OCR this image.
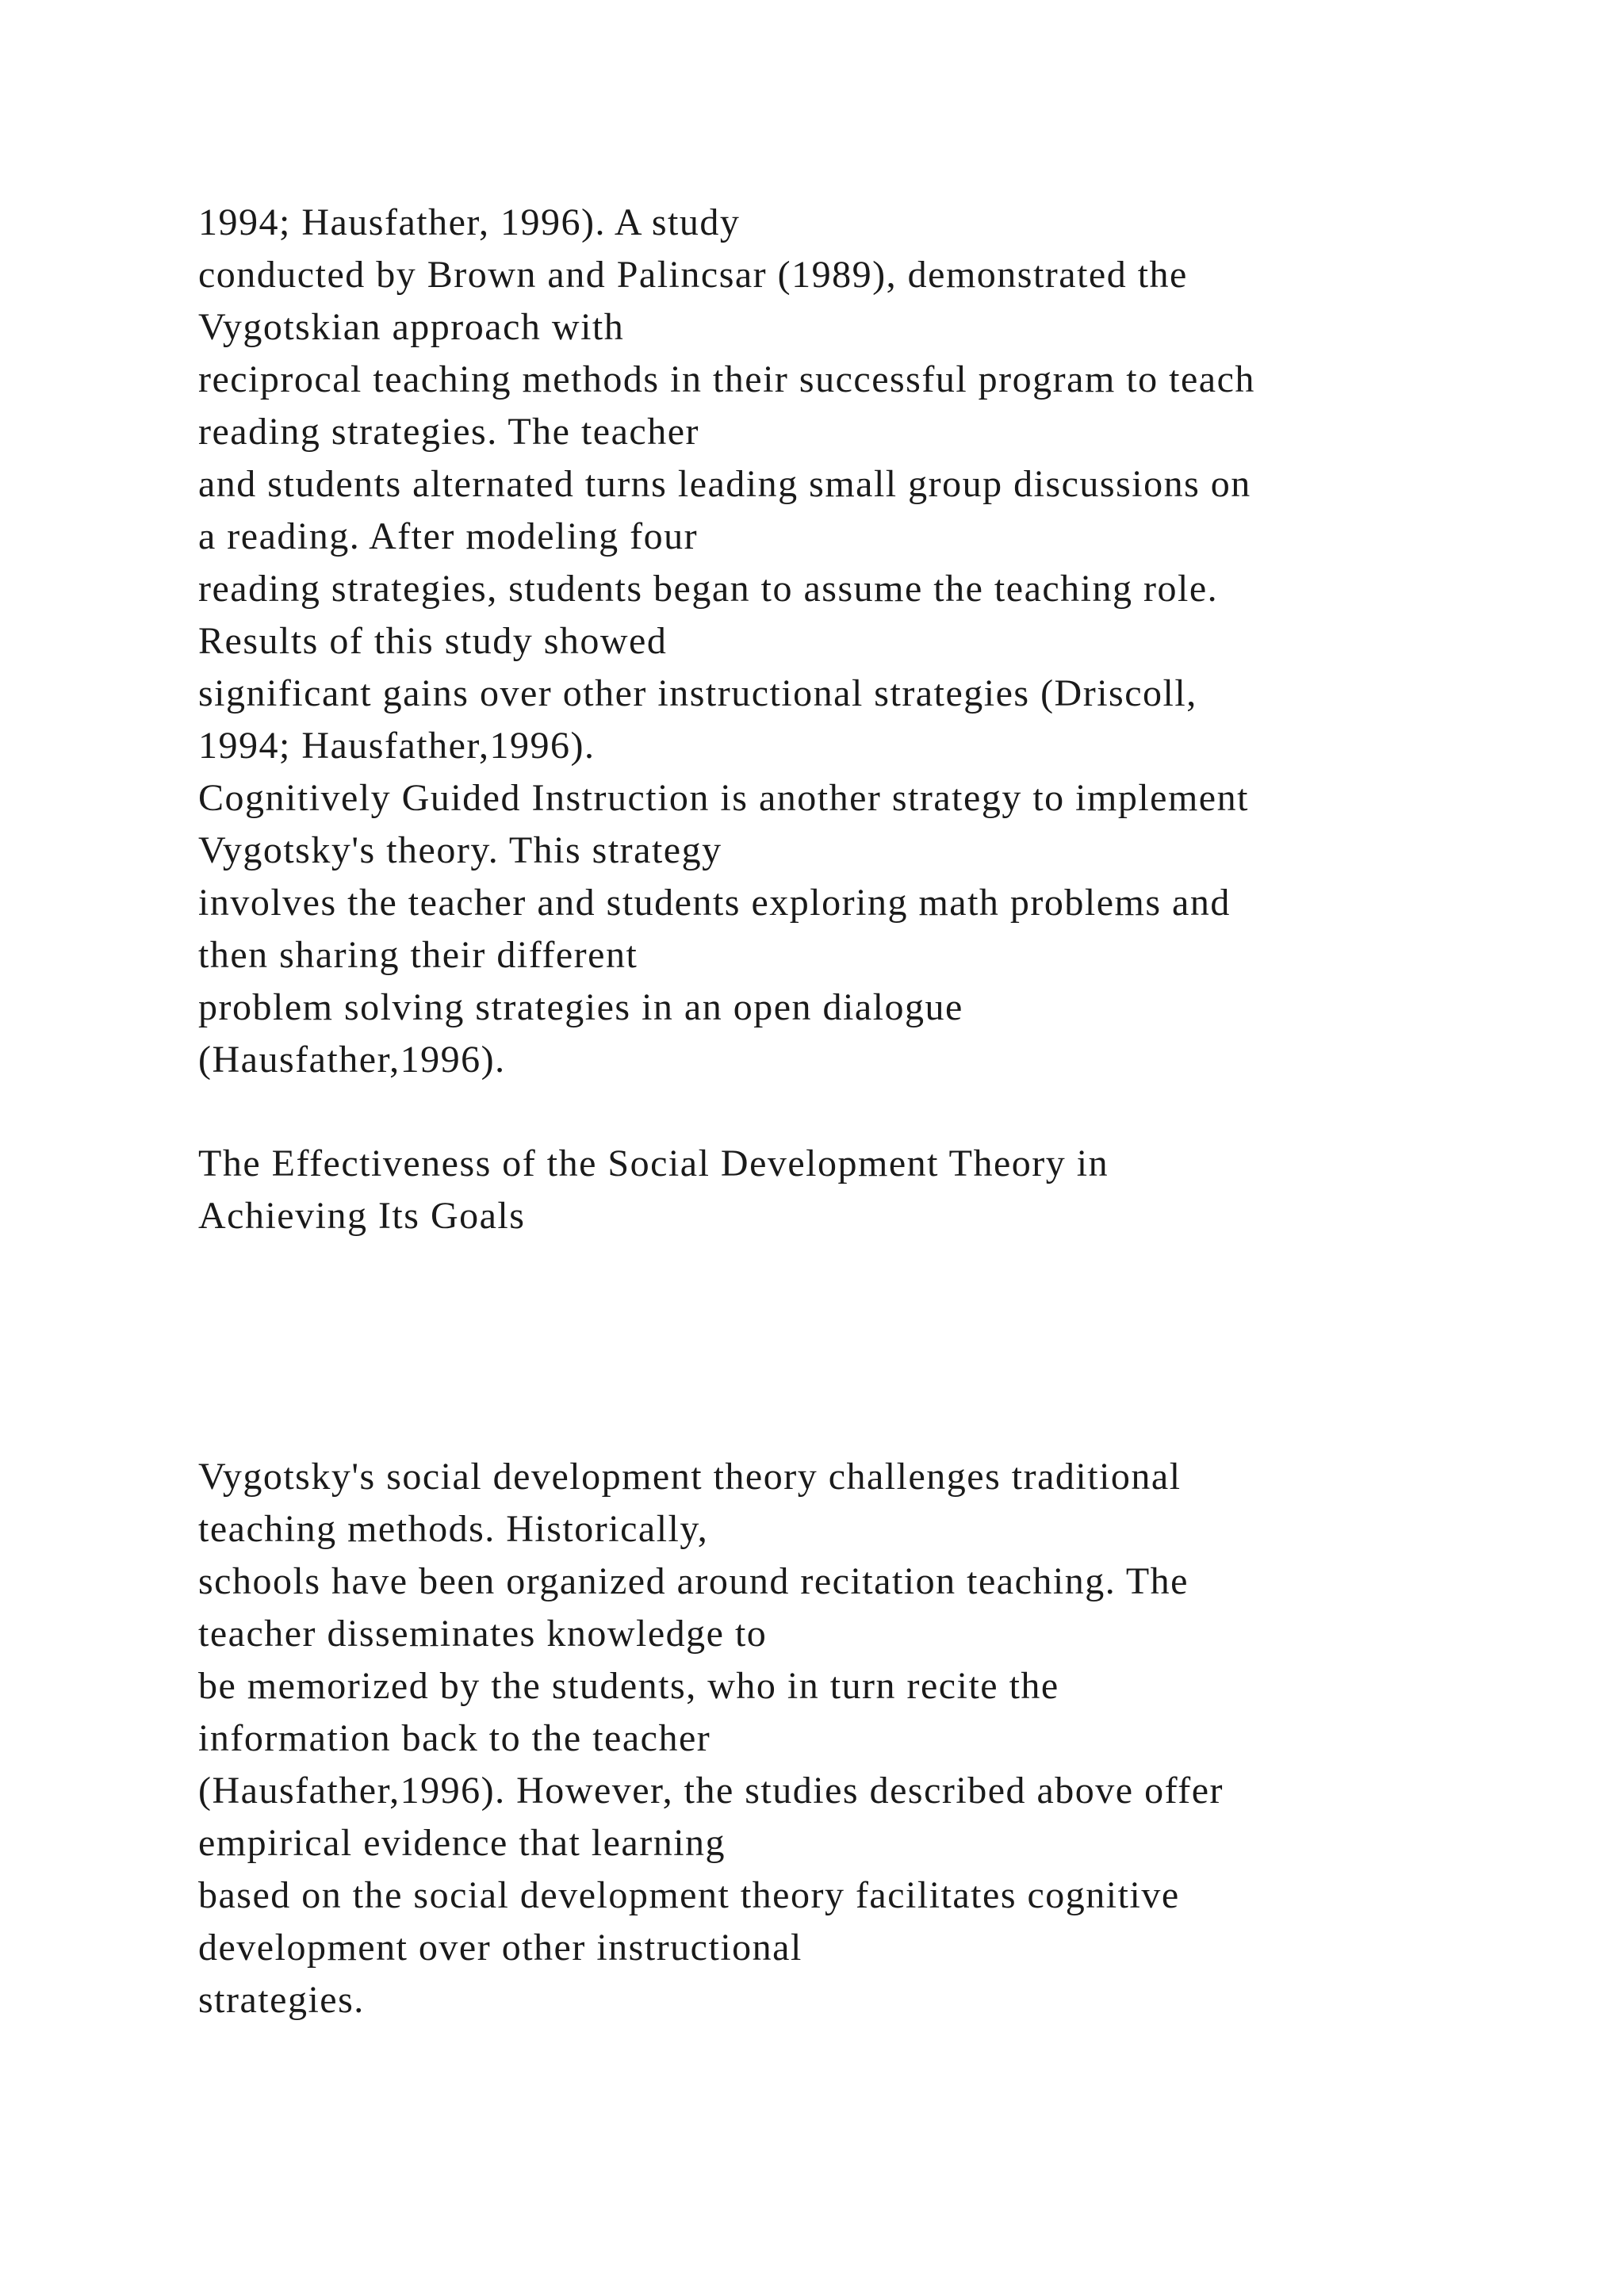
1994; Hausfather, 1996). A study
conducted by Brown and Palincsar (1989), demonstrated the
Vygotskian approach with
reciprocal teaching methods in their successful program to teach
reading strategies. The teacher
and students alternated turns leading small group discussions on
a reading. After modeling four
reading strategies, students began to assume the teaching role.
Results of this study showed
significant gains over other instructional strategies (Driscoll,
1994; Hausfather,1996).
Cognitively Guided Instruction is another strategy to implement
Vygotsky's theory. This strategy
involves the teacher and students exploring math problems and
then sharing their different
problem solving strategies in an open dialogue
(Hausfather,1996).
The Effectiveness of the Social Development Theory in
Achieving Its Goals
Vygotsky's social development theory challenges traditional
teaching methods. Historically,
schools have been organized around recitation teaching. The
teacher disseminates knowledge to
be memorized by the students, who in turn recite the
information back to the teacher
(Hausfather,1996). However, the studies described above offer
empirical evidence that learning
based on the social development theory facilitates cognitive
development over other instructional
strategies.
